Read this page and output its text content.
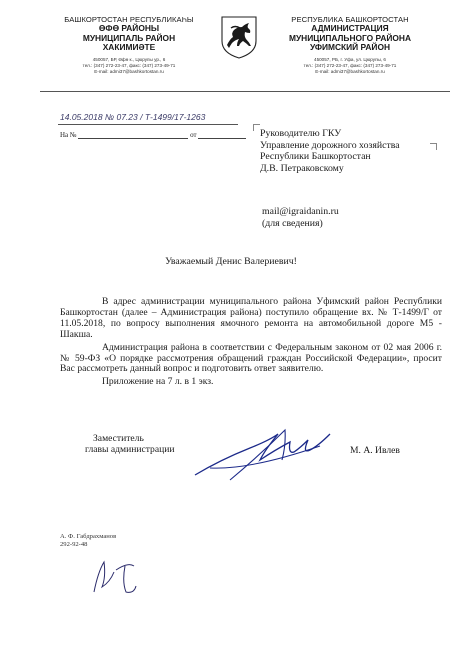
БАШКОРТОСТАН РЕСПУБЛИКАҺЫ
ӨФӨ РАЙОНЫ
МУНИЦИПАЛЬ РАЙОН
ХАКИМИӘТЕ
450057, БР, Өфө к., Цюрупы ур., 6
тел.: (347) 272-23-47, факс: (347) 273-49-71
E-mail: admi37@bashkortostan.ru
РЕСПУБЛИКА БАШКОРТОСТАН
АДМИНИСТРАЦИЯ
МУНИЦИПАЛЬНОГО РАЙОНА
УФИМСКИЙ РАЙОН
450057, РБ, г. Уфа, ул. Цюрупы, 6
тел.: (347) 272-23-47, факс: (347) 273-49-71
E-mail: admi37@bashkortostan.ru
14.05.2018 № 07.23 / Т-1499/17-1263
На №	от	Руководителю ГКУ
Управление дорожного хозяйства
Республики Башкортостан
Д.В. Петраковскому
mail@igraidanin.ru
(для сведения)
Уважаемый Денис Валериевич!

В адрес администрации муниципального района Уфимский район Республики Башкортостан (далее – Администрация района) поступило обращение вх. № Т-1499/Г от 11.05.2018, по вопросу выполнения ямочного ремонта на автомобильной дороге М5 - Шакша.

Администрация района в соответствии с Федеральным законом от 02 мая 2006 г. № 59-ФЗ «О порядке рассмотрения обращений граждан Российской Федерации», просит Вас рассмотреть данный вопрос и подготовить ответ заявителю.

Приложение на 7 л. в 1 экз.

Заместитель
главы администрации	М. А. Ивлев
А. Ф. Габдрахманов
292-92-48
